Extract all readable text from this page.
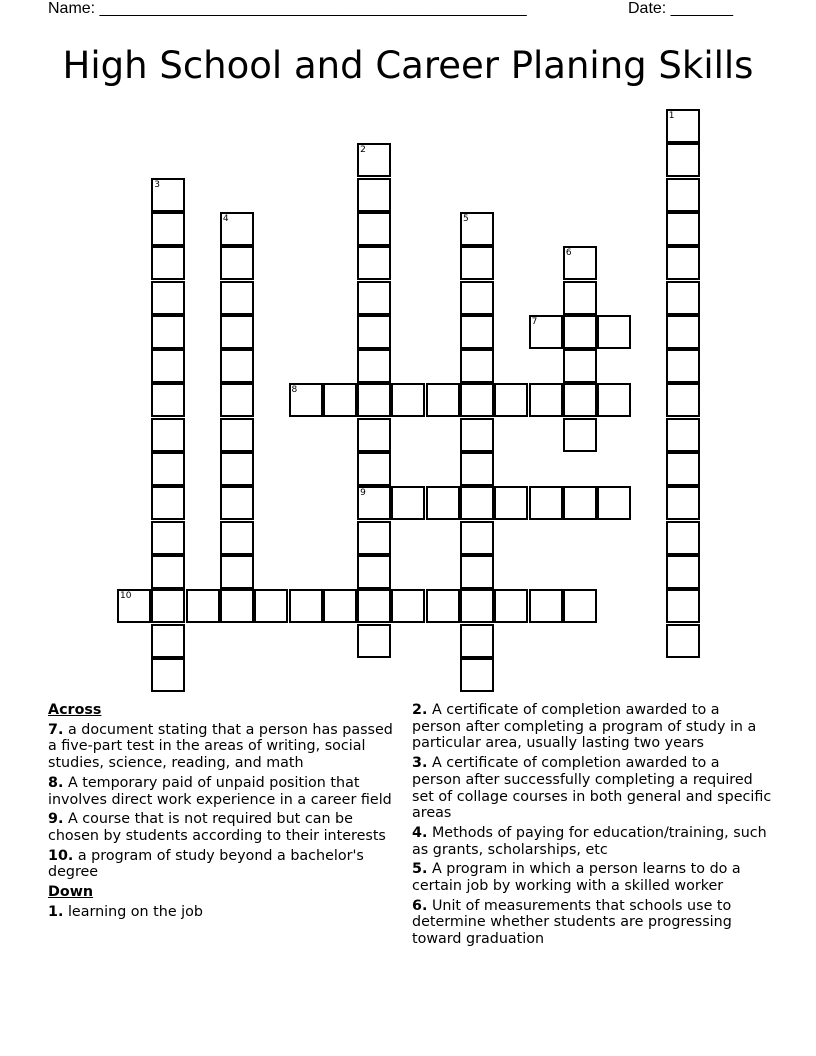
Name: ________________________________________________	Date: _______
High School and Career Planing Skills
1
2
9
3
4	5
6
7
8
10
Across
7. a document stating that a person has passed a five-part test in the areas of writing, social studies, science, reading, and math
8. A temporary paid of unpaid position that involves direct work experience in a career field
9. A course that is not required but can be chosen by students according to their interests
10. a program of study beyond a bachelor's degree
Down
1. learning on the job
2. A certificate of completion awarded to a person after completing a program of study in a particular area, usually lasting two years
3. A certificate of completion awarded to a person after successfully completing a required set of collage courses in both general and specific areas
4. Methods of paying for education/training, such as grants, scholarships, etc
5. A program in which a person learns to do a certain job by working with a skilled worker
6. Unit of measurements that schools use to determine whether students are progressing toward graduation
